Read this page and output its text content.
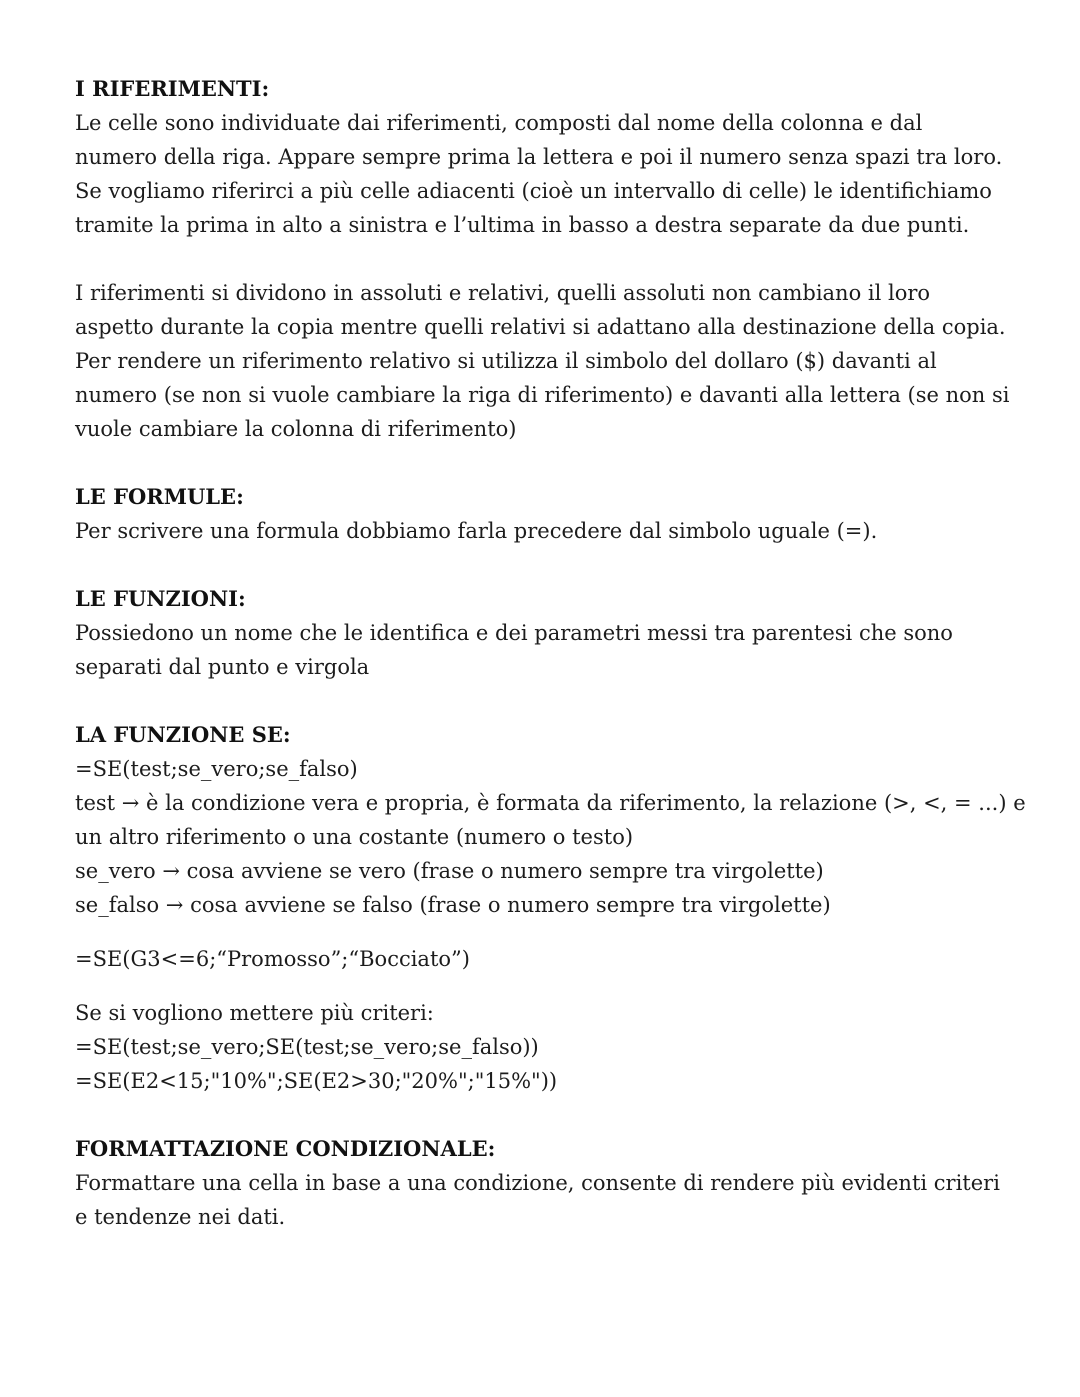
I RIFERIMENTI:
Le celle sono individuate dai riferimenti, composti dal nome della colonna e dal
numero della riga. Appare sempre prima la lettera e poi il numero senza spazi tra loro.
Se vogliamo riferirci a più celle adiacenti (cioè un intervallo di celle) le identifichiamo
tramite la prima in alto a sinistra e l’ultima in basso a destra separate da due punti.
I riferimenti si dividono in assoluti e relativi, quelli assoluti non cambiano il loro
aspetto durante la copia mentre quelli relativi si adattano alla destinazione della copia.
Per rendere un riferimento relativo si utilizza il simbolo del dollaro ($) davanti al
numero (se non si vuole cambiare la riga di riferimento) e davanti alla lettera (se non si
vuole cambiare la colonna di riferimento)
LE FORMULE:
Per scrivere una formula dobbiamo farla precedere dal simbolo uguale (=).
LE FUNZIONI:
Possiedono un nome che le identifica e dei parametri messi tra parentesi che sono
separati dal punto e virgola
LA FUNZIONE SE:
=SE(test;se_vero;se_falso)
test → è la condizione vera e propria, è formata da riferimento, la relazione (>, <, = ...) e
un altro riferimento o una costante (numero o testo)
se_vero → cosa avviene se vero (frase o numero sempre tra virgolette)
se_falso → cosa avviene se falso (frase o numero sempre tra virgolette)
=SE(G3<=6;“Promosso”;“Bocciato”)
Se si vogliono mettere più criteri:
=SE(test;se_vero;SE(test;se_vero;se_falso))
=SE(E2<15;"10%";SE(E2>30;"20%";"15%"))
FORMATTAZIONE CONDIZIONALE:
Formattare una cella in base a una condizione, consente di rendere più evidenti criteri
e tendenze nei dati.
